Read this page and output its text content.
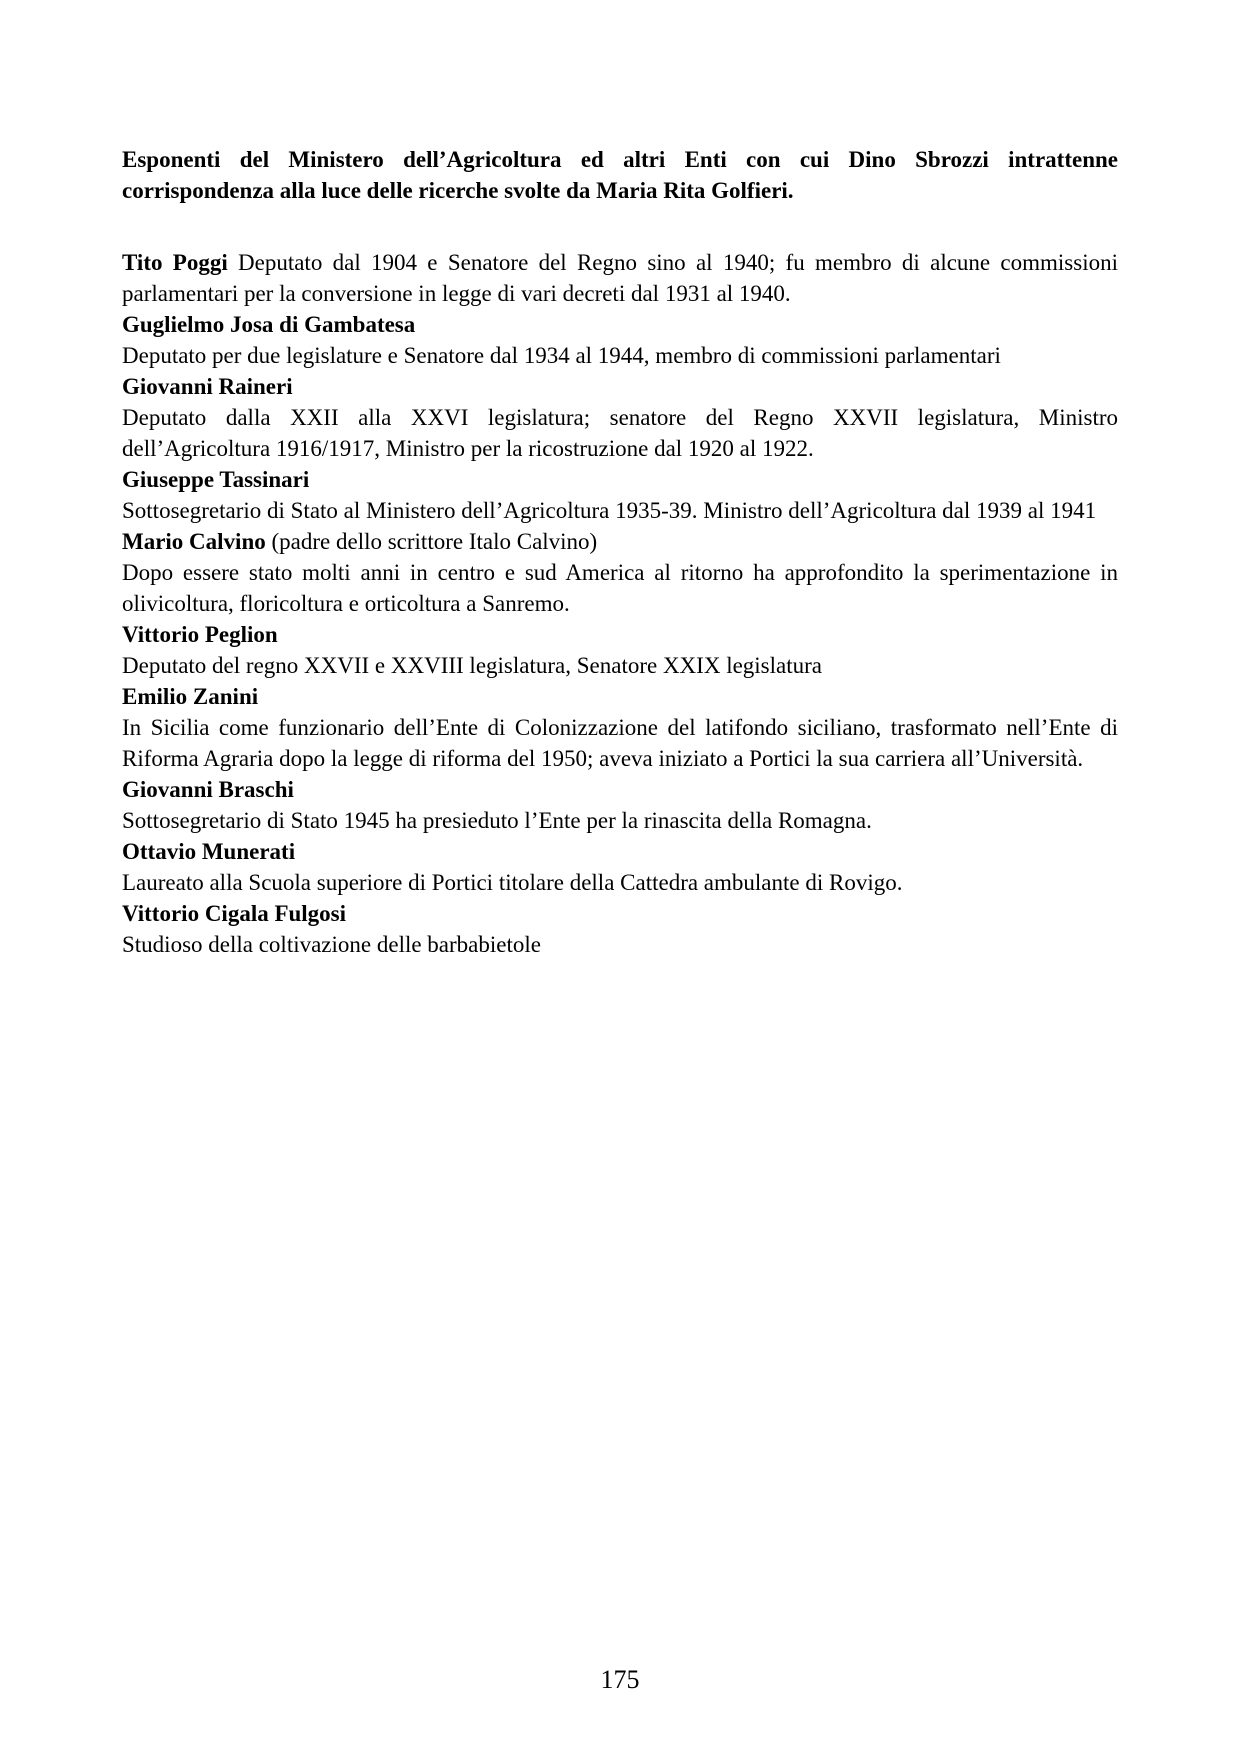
Esponenti del Ministero dell’Agricoltura ed altri Enti con cui Dino Sbrozzi intrattenne corrispondenza alla luce delle ricerche svolte da Maria Rita Golfieri.

Tito Poggi Deputato dal 1904 e Senatore del Regno sino al 1940; fu membro di alcune commissioni parlamentari per la conversione in legge di vari decreti dal 1931 al 1940.

Guglielmo Josa di Gambatesa
Deputato per due legislature e Senatore dal 1934 al 1944, membro di commissioni parlamentari
Giovanni Raineri
Deputato dalla XXII alla XXVI legislatura; senatore del Regno XXVII legislatura, Ministro dell’Agricoltura 1916/1917, Ministro per la ricostruzione dal 1920 al 1922.
Giuseppe Tassinari
Sottosegretario di Stato al Ministero dell’Agricoltura 1935-39. Ministro dell’Agricoltura dal 1939 al 1941
Mario Calvino (padre dello scrittore Italo Calvino)
Dopo essere stato molti anni in centro e sud America al ritorno ha approfondito la sperimentazione in olivicoltura, floricoltura e orticoltura a Sanremo.
Vittorio Peglion
Deputato del regno XXVII e XXVIII legislatura, Senatore XXIX legislatura
Emilio Zanini
In Sicilia come funzionario dell’Ente di Colonizzazione del latifondo siciliano, trasformato nell’Ente di Riforma Agraria dopo la legge di riforma del 1950; aveva iniziato a Portici la sua carriera all’Università.
Giovanni Braschi
Sottosegretario di Stato 1945 ha presieduto l’Ente per la rinascita della Romagna.
Ottavio Munerati
Laureato alla Scuola superiore di Portici titolare della Cattedra ambulante di Rovigo.
Vittorio Cigala Fulgosi
Studioso della coltivazione delle barbabietole
175
